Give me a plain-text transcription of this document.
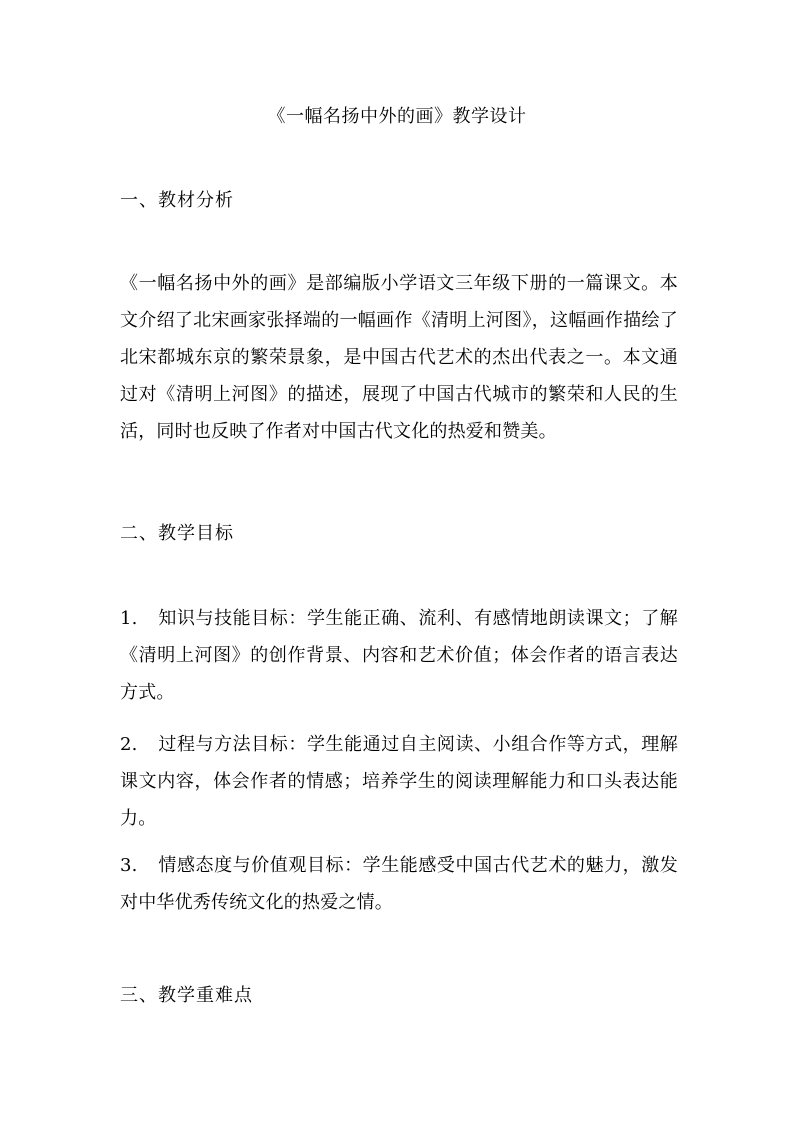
《一幅名扬中外的画》教学设计
一、教材分析
《一幅名扬中外的画》是部编版小学语文三年级下册的一篇课文。本文介绍了北宋画家张择端的一幅画作《清明上河图》，这幅画作描绘了北宋都城东京的繁荣景象，是中国古代艺术的杰出代表之一。本文通过对《清明上河图》的描述，展现了中国古代城市的繁荣和人民的生活，同时也反映了作者对中国古代文化的热爱和赞美。
二、教学目标
1. 知识与技能目标：学生能正确、流利、有感情地朗读课文；了解《清明上河图》的创作背景、内容和艺术价值；体会作者的语言表达方式。
2. 过程与方法目标：学生能通过自主阅读、小组合作等方式，理解课文内容，体会作者的情感；培养学生的阅读理解能力和口头表达能力。
3. 情感态度与价值观目标：学生能感受中国古代艺术的魅力，激发对中华优秀传统文化的热爱之情。
三、教学重难点
